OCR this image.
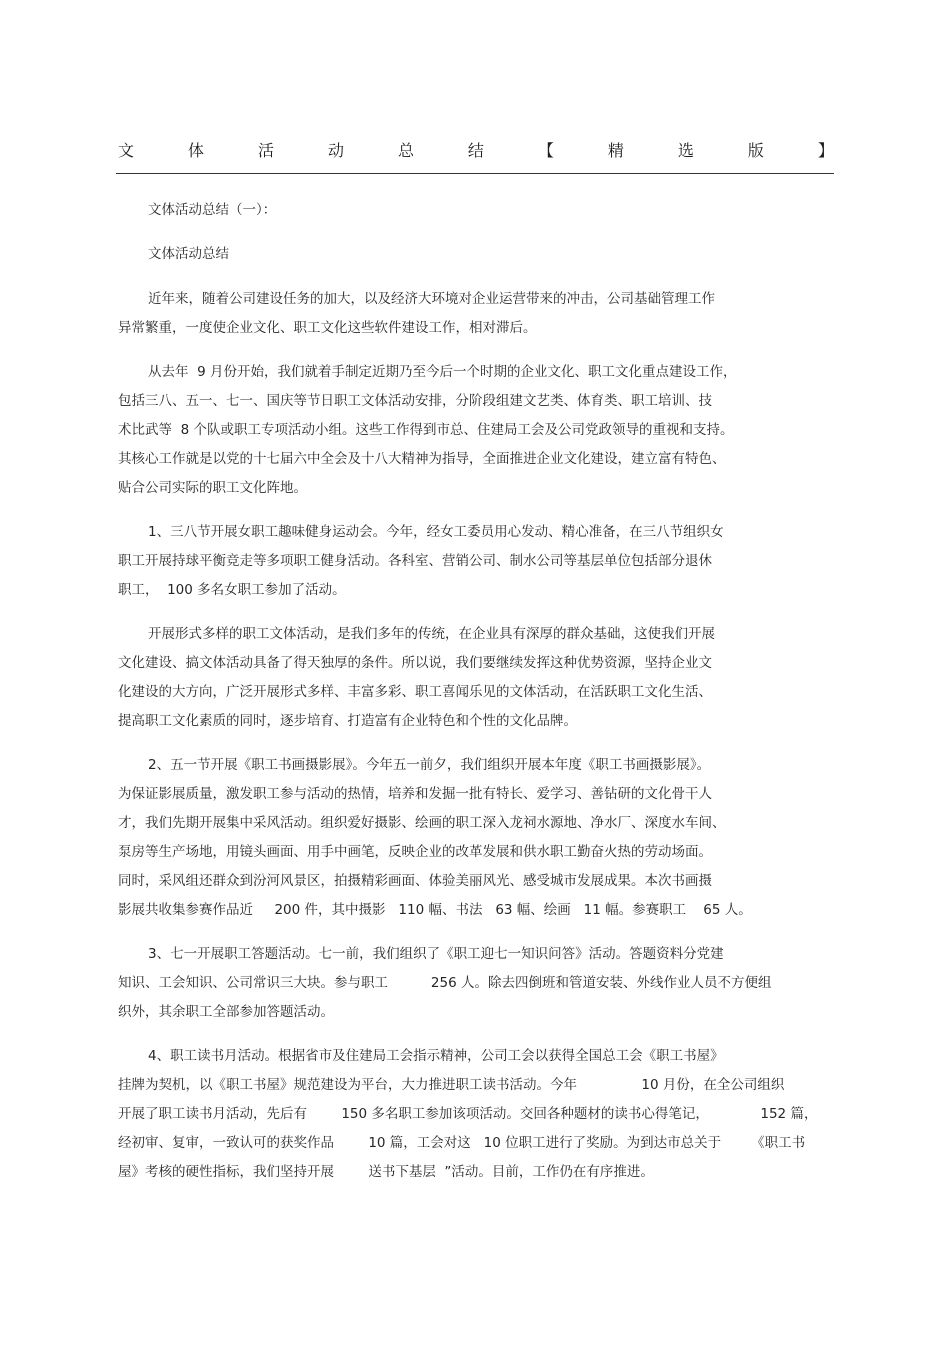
文	体	活	动	总	结	【	精	选	版	】
文体活动总结（一）：
文体活动总结
近年来，随着公司建设任务的加大，以及经济大环境对企业运营带来的冲击，公司基础管理工作
异常繁重，一度使企业文化、职工文化这些软件建设工作，相对滞后。
从去年  9 月份开始，我们就着手制定近期乃至今后一个时期的企业文化、职工文化重点建设工作，
包括三八、五一、七一、国庆等节日职工文体活动安排，分阶段组建文艺类、体育类、职工培训、技
术比武等  8 个队或职工专项活动小组。这些工作得到市总、住建局工会及公司党政领导的重视和支持。
其核心工作就是以党的十七届六中全会及十八大精神为指导，全面推进企业文化建设，建立富有特色、
贴合公司实际的职工文化阵地。
1、三八节开展女职工趣味健身运动会。今年，经女工委员用心发动、精心准备，在三八节组织女
职工开展持球平衡竞走等多项职工健身活动。各科室、营销公司、制水公司等基层单位包括部分退休
职工，  100 多名女职工参加了活动。
开展形式多样的职工文体活动，是我们多年的传统，在企业具有深厚的群众基础，这使我们开展
文化建设、搞文体活动具备了得天独厚的条件。所以说，我们要继续发挥这种优势资源，坚持企业文
化建设的大方向，广泛开展形式多样、丰富多彩、职工喜闻乐见的文体活动，在活跃职工文化生活、
提高职工文化素质的同时，逐步培育、打造富有企业特色和个性的文化品牌。
2、五一节开展《职工书画摄影展》。今年五一前夕，我们组织开展本年度《职工书画摄影展》。
为保证影展质量，激发职工参与活动的热情，培养和发掘一批有特长、爱学习、善钻研的文化骨干人
才，我们先期开展集中采风活动。组织爱好摄影、绘画的职工深入龙祠水源地、净水厂、深度水车间、
泵房等生产场地，用镜头画面、用手中画笔，反映企业的改革发展和供水职工勤奋火热的劳动场面。
同时，采风组还群众到汾河风景区，拍摄精彩画面、体验美丽风光、感受城市发展成果。本次书画摄
影展共收集参赛作品近     200 件，其中摄影   110 幅、书法   63 幅、绘画   11 幅。参赛职工    65 人。
3、七一开展职工答题活动。七一前，我们组织了《职工迎七一知识问答》活动。答题资料分党建
知识、工会知识、公司常识三大块。参与职工          256 人。除去四倒班和管道安装、外线作业人员不方便组
织外，其余职工全部参加答题活动。
4、职工读书月活动。根据省市及住建局工会指示精神，公司工会以获得全国总工会《职工书屋》
挂牌为契机，以《职工书屋》规范建设为平台，大力推进职工读书活动。今年               10 月份，在全公司组织
开展了职工读书月活动，先后有        150 多名职工参加该项活动。交回各种题材的读书心得笔记，            152 篇，
经初审、复审，一致认可的获奖作品        10 篇，工会对这   10 位职工进行了奖励。为到达市总关于       《职工书
屋》考核的硬性指标，我们坚持开展        送书下基层  ”活动。目前，工作仍在有序推进。
